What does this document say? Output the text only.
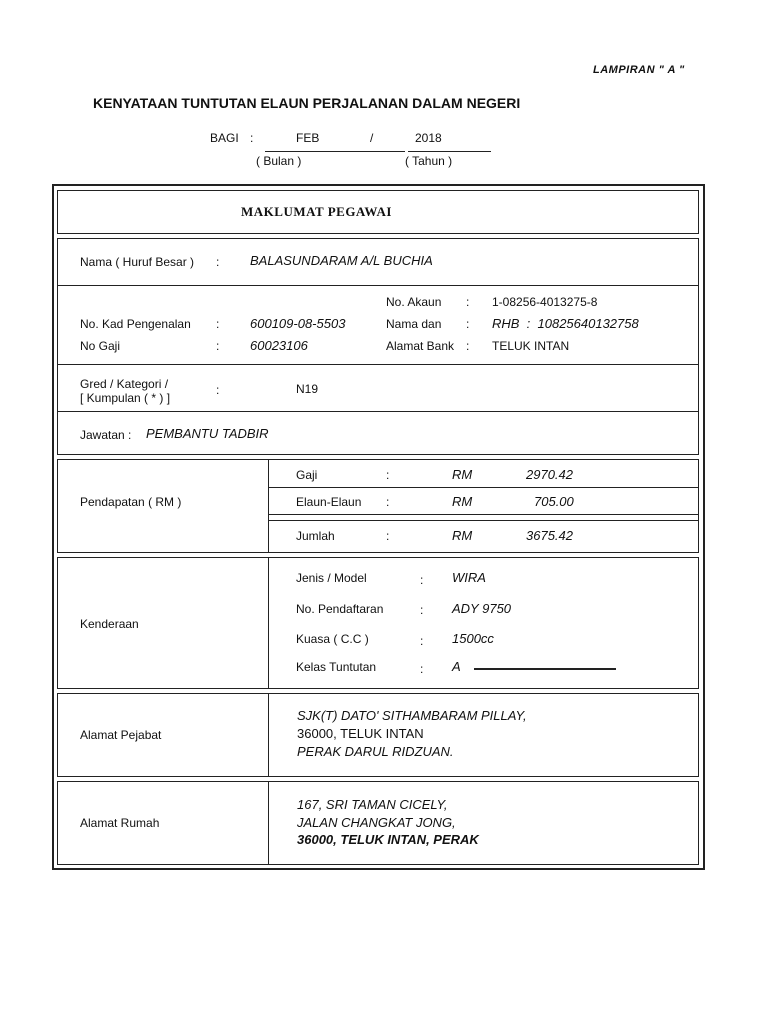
LAMPIRAN " A "
KENYATAAN TUNTUTAN ELAUN PERJALANAN DALAM NEGERI
BAGI :	FEB	/	2018
( Bulan )	( Tahun )
MAKLUMAT PEGAWAI
Nama ( Huruf Besar ) : BALASUNDARAM A/L BUCHIA
No. Akaun : 1-08256-4013275-8
No. Kad Pengenalan : 600109-08-5503	Nama dan : RHB  :  10825640132758
No Gaji	: 60023106	Alamat Bank : TELUK INTAN
Gred / Kategori /
[ Kumpulan ( * ) ]
:	N19
Jawatan : PEMBANTU TADBIR
Pendapatan ( RM )
Gaji	:	RM	2970.42
Elaun-Elaun :	RM	705.00
Jumlah	:	RM	3675.42
Kenderaan
Jenis / Model	: WIRA
No. Pendaftaran	: ADY 9750
Kuasa ( C.C )	: 1500cc
Kelas Tuntutan	: A
Alamat Pejabat
SJK(T) DATO' SITHAMBARAM PILLAY,
36000, TELUK INTAN
PERAK DARUL RIDZUAN.
Alamat Rumah
167, SRI TAMAN CICELY,
JALAN CHANGKAT JONG,
36000, TELUK INTAN, PERAK
